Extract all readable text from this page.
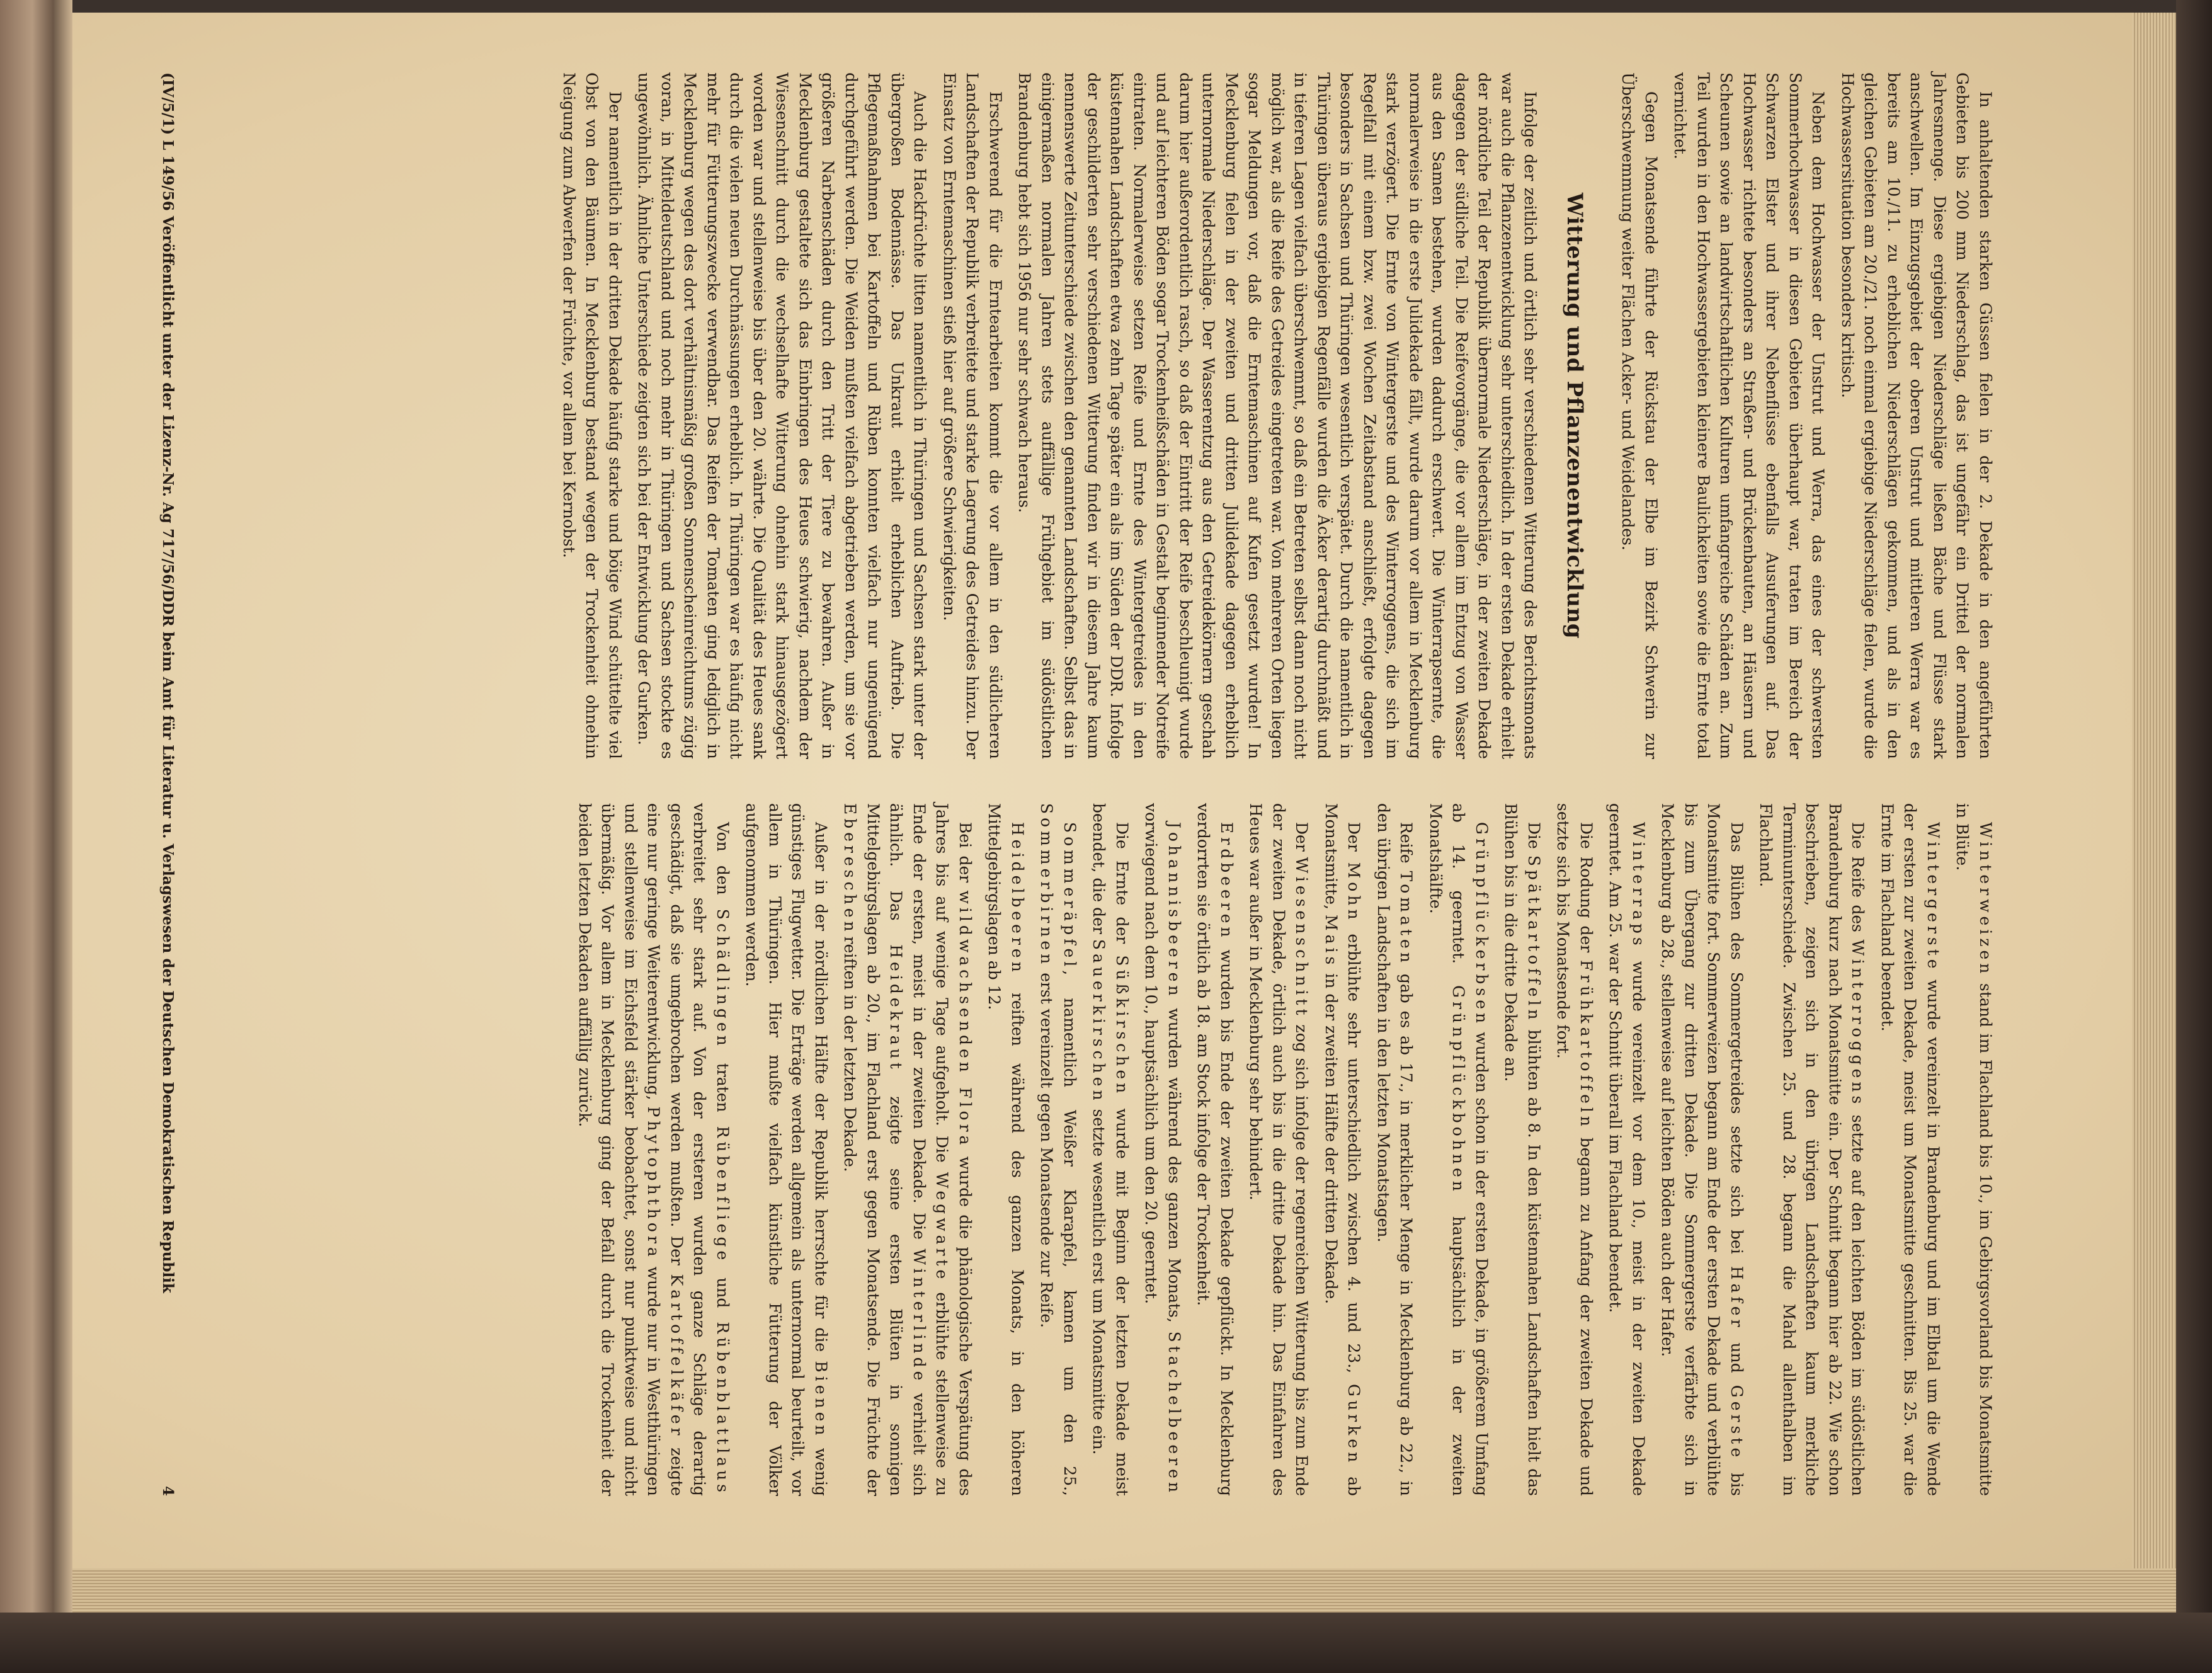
In anhaltenden starken Güssen fielen in der 2. Dekade in den angeführten Gebieten bis 200 mm Niederschlag, das ist ungefähr ein Drittel der normalen Jahresmenge. Diese ergiebigen Niederschläge ließen Bäche und Flüsse stark anschwellen. Im Einzugsgebiet der oberen Unstrut und mittleren Werra war es bereits am 10./11. zu erheblichen Niederschlägen gekommen, und als in den gleichen Gebieten am 20./21. noch einmal ergiebige Niederschläge fielen, wurde die Hochwassersituation besonders kritisch.

Neben dem Hochwasser der Unstrut und Werra, das eines der schwersten Sommerhochwasser in diesen Gebieten überhaupt war, traten im Bereich der Schwarzen Elster und ihrer Nebenflüsse ebenfalls Ausuferungen auf. Das Hochwasser richtete besonders an Straßen- und Brückenbauten, an Häusern und Scheunen sowie an landwirtschaftlichen Kulturen umfangreiche Schäden an. Zum Teil wurden in den Hochwassergebieten kleinere Baulichkeiten sowie die Ernte total vernichtet.

Gegen Monatsende führte der Rückstau der Elbe im Bezirk Schwerin zur Überschwemmung weiter Flächen Acker- und Weidelandes.

Witterung und Pflanzenentwicklung

Infolge der zeitlich und örtlich sehr verschiedenen Witterung des Berichtsmonats war auch die Pflanzenentwicklung sehr unterschiedlich. In der ersten Dekade erhielt der nördliche Teil der Republik übernormale Niederschläge, in der zweiten Dekade dagegen der südliche Teil. Die Reifevorgänge, die vor allem im Entzug von Wasser aus den Samen bestehen, wurden dadurch erschwert. Die Winterrapsernte, die normalerweise in die erste Julidekade fällt, wurde darum vor allem in Mecklenburg stark verzögert. Die Ernte von Wintergerste und des Winterroggens, die sich im Regelfall mit einem bzw. zwei Wochen Zeitabstand anschließt, erfolgte dagegen besonders in Sachsen und Thüringen wesentlich verspätet. Durch die namentlich in Thüringen überaus ergiebigen Regenfälle wurden die Äcker derartig durchnäßt und in tieferen Lagen vielfach überschwemmt, so daß ein Betreten selbst dann noch nicht möglich war, als die Reife des Getreides eingetreten war. Von mehreren Orten liegen sogar Meldungen vor, daß die Erntemaschinen auf Kufen gesetzt wurden! In Mecklenburg fielen in der zweiten und dritten Julidekade dagegen erheblich unternormale Niederschläge. Der Wasserentzug aus den Getreidekörnern geschah darum hier außerordentlich rasch, so daß der Eintritt der Reife beschleunigt wurde und auf leichteren Böden sogar Trockenheißschäden in Gestalt beginnender Notreife eintraten. Normalerweise setzen Reife und Ernte des Wintergetreides in den küstennahen Landschaften etwa zehn Tage später ein als im Süden der DDR. Infolge der geschilderten sehr verschiedenen Witterung finden wir in diesem Jahre kaum nennenswerte Zeitunterschiede zwischen den genannten Landschaften. Selbst das in einigermaßen normalen Jahren stets auffällige Frühgebiet im südöstlichen Brandenburg hebt sich 1956 nur sehr schwach heraus.

Erschwerend für die Erntearbeiten kommt die vor allem in den südlicheren Landschaften der Republik verbreitete und starke Lagerung des Getreides hinzu. Der Einsatz von Erntemaschinen stieß hier auf größere Schwierigkeiten.

Auch die Hackfrüchte litten namentlich in Thüringen und Sachsen stark unter der übergroßen Bodennässe. Das Unkraut erhielt erheblichen Auftrieb. Die Pflegemaßnahmen bei Kartoffeln und Rüben konnten vielfach nur ungenügend durchgeführt werden. Die Weiden mußten vielfach abgetrieben werden, um sie vor größeren Narbenschäden durch den Tritt der Tiere zu bewahren. Außer in Mecklenburg gestaltete sich das Einbringen des Heues schwierig, nachdem der Wiesenschnitt durch die wechselhafte Witterung ohnehin stark hinausgezögert worden war und stellenweise bis über den 20. währte. Die Qualität des Heues sank durch die vielen neuen Durchnässungen erheblich. In Thüringen war es häufig nicht mehr für Fütterungszwecke verwendbar. Das Reifen der Tomaten ging lediglich in Mecklenburg wegen des dort verhältnismäßig großen Sonnenscheinreichtums zügig voran, in Mitteldeutschland und noch mehr in Thüringen und Sachsen stockte es ungewöhnlich. Ähnliche Unterschiede zeigten sich bei der Entwicklung der Gurken.

Der namentlich in der dritten Dekade häufig starke und böige Wind schüttelte viel Obst von den Bäumen. In Mecklenburg bestand wegen der Trockenheit ohnehin Neigung zum Abwerfen der Früchte, vor allem bei Kernobst.

Winterweizen stand im Flachland bis 10., im Gebirgsvorland bis Monatsmitte in Blüte.

Wintergerste wurde vereinzelt in Brandenburg und im Elbtal um die Wende der ersten zur zweiten Dekade, meist um Monatsmitte geschnitten. Bis 25. war die Ernte im Flachland beendet.

Die Reife des Winterroggens setzte auf den leichten Böden im südöstlichen Brandenburg kurz nach Monatsmitte ein. Der Schnitt begann hier ab 22. Wie schon beschrieben, zeigen sich in den übrigen Landschaften kaum merkliche Terminunterschiede. Zwischen 25. und 28. begann die Mahd allenthalben im Flachland.

Das Blühen des Sommergetreides setzte sich bei Hafer und Gerste bis Monatsmitte fort. Sommerweizen begann am Ende der ersten Dekade und verblühte bis zum Übergang zur dritten Dekade. Die Sommergerste verfärbte sich in Mecklenburg ab 28., stellenweise auf leichten Böden auch der Hafer.

Winterraps wurde vereinzelt vor dem 10., meist in der zweiten Dekade geerntet. Am 25. war der Schnitt überall im Flachland beendet.

Die Rodung der Frühkartoffeln begann zu Anfang der zweiten Dekade und setzte sich bis Monatsende fort.

Die Spätkartoffeln blühten ab 8. In den küstennahen Landschaften hielt das Blühen bis in die dritte Dekade an.

Grünpflückerbsen wurden schon in der ersten Dekade, in größerem Umfang ab 14. geerntet. Grünpflückbohnen hauptsächlich in der zweiten Monatshälfte.

Reife Tomaten gab es ab 17., in merklicher Menge in Mecklenburg ab 22., in den übrigen Landschaften in den letzten Monatstagen.

Der Mohn erblühte sehr unterschiedlich zwischen 4. und 23., Gurken ab Monatsmitte, Mais in der zweiten Hälfte der dritten Dekade.

Der Wiesenschnitt zog sich infolge der regenreichen Witterung bis zum Ende der zweiten Dekade, örtlich auch bis in die dritte Dekade hin. Das Einfahren des Heues war außer in Mecklenburg sehr behindert.

Erdbeeren wurden bis Ende der zweiten Dekade gepflückt. In Mecklenburg verdorrten sie örtlich ab 18. am Stock infolge der Trockenheit.

Johannisbeeren wurden während des ganzen Monats, Stachelbeeren vorwiegend nach dem 10., hauptsächlich um den 20. geerntet.

Die Ernte der Süßkirschen wurde mit Beginn der letzten Dekade meist beendet, die der Sauerkirschen setzte wesentlich erst um Monatsmitte ein.

Sommeräpfel, namentlich Weißer Klarapfel, kamen um den 25., Sommerbirnen erst vereinzelt gegen Monatsende zur Reife.

Heidelbeeren reiften während des ganzen Monats, in den höheren Mittelgebirgslagen ab 12.

Bei der wildwachsenden Flora wurde die phänologische Verspätung des Jahres bis auf wenige Tage aufgeholt. Die Wegwarte erblühte stellenweise zu Ende der ersten, meist in der zweiten Dekade. Die Winterlinde verhielt sich ähnlich. Das Heidekraut zeigte seine ersten Blüten in sonnigen Mittelgebirgslagen ab 20., im Flachland erst gegen Monatsende. Die Früchte der Ebereschen reiften in der letzten Dekade.

Außer in der nördlichen Hälfte der Republik herrschte für die Bienen wenig günstiges Flugwetter. Die Erträge werden allgemein als unternormal beurteilt, vor allem in Thüringen. Hier mußte vielfach künstliche Fütterung der Völker aufgenommen werden.

Von den Schädlingen traten Rübenfliege und Rübenblattlaus verbreitet sehr stark auf. Von der ersteren wurden ganze Schläge derartig geschädigt, daß sie umgebrochen werden mußten. Der Kartoffelkäfer zeigte eine nur geringe Weiterentwicklung, Phytophthora wurde nur in Westthüringen und stellenweise im Eichsfeld stärker beobachtet, sonst nur punktweise und nicht übermäßig. Vor allem in Mecklenburg ging der Befall durch die Trockenheit der beiden letzten Dekaden auffällig zurück.

(IV/5/1) L 149/56 Veröffentlicht unter der Lizenz-Nr. Ag 717/56/DDR beim Amt für Literatur u. Verlagswesen der Deutschen Demokratischen Republik
4
